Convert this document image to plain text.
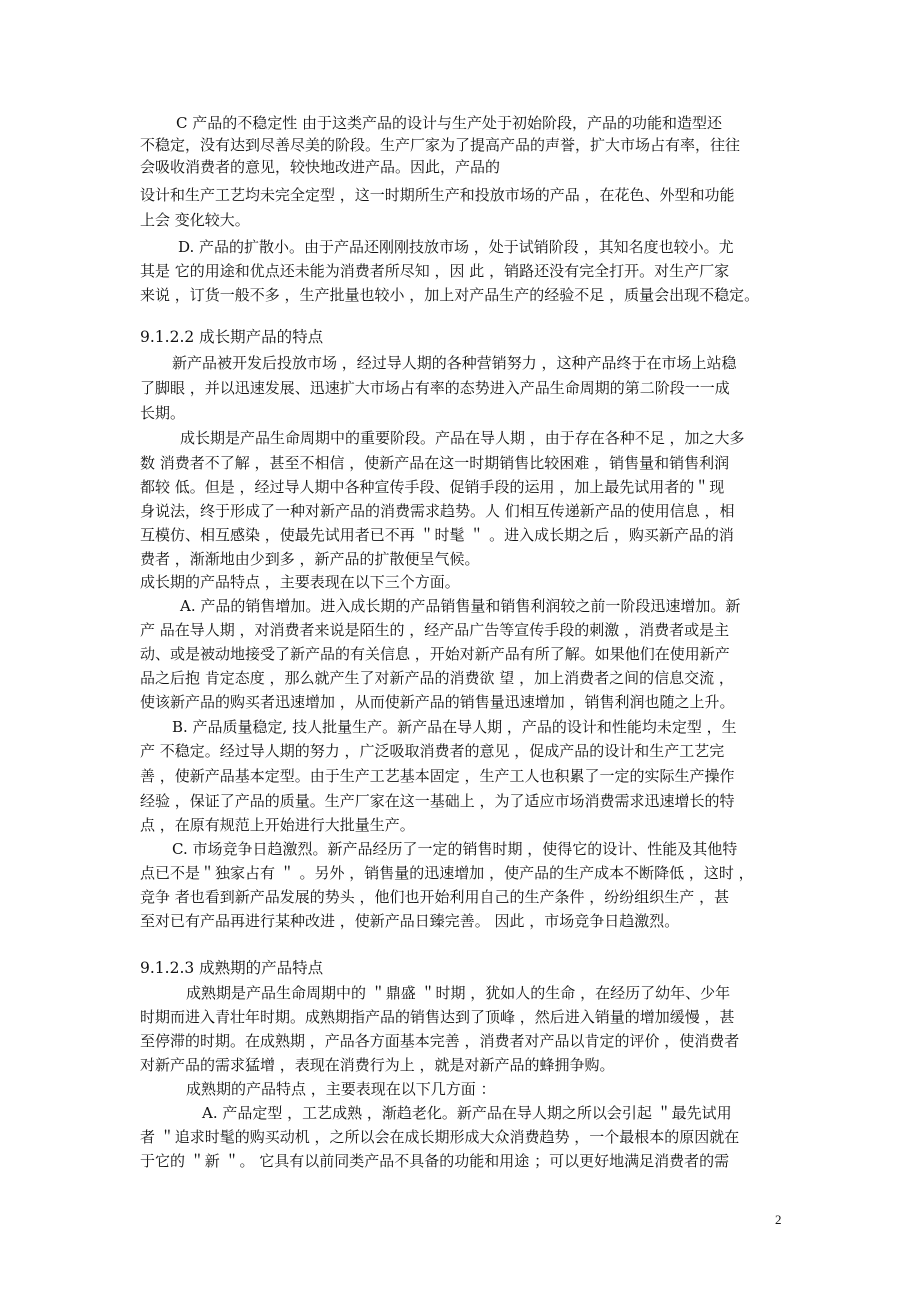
C 产品的不稳定性 由于这类产品的设计与生产处于初始阶段，产品的功能和造型还
不稳定，没有达到尽善尽美的阶段。生产厂家为了提高产品的声誉，扩大市场占有率，往往
会吸收消费者的意见，较快地改进产品。因此，产品的
设计和生产工艺均未完全定型 ，这一时期所生产和投放市场的产品 ，在花色、外型和功能
上会 变化较大。
D. 产品的扩散小。由于产品还刚刚技放市场 ，处于试销阶段 ，其知名度也较小。尤
其是 它的用途和优点还未能为消费者所尽知 ，因 此 ，销路还没有完全打开。对生产厂家
来说 ，订货一般不多 ，生产批量也较小 ，加上对产品生产的经验不足 ，质量会出现不稳定。
9.1.2.2 成长期产品的特点
新产品被开发后投放市场 ，经过导人期的各种营销努力 ，这种产品终于在市场上站稳
了脚眼 ，并以迅速发展、迅速扩大市场占有率的态势进入产品生命周期的第二阶段一一成
长期。
成长期是产品生命周期中的重要阶段。产品在导人期 ，由于存在各种不足 ，加之大多
数 消费者不了解 ，甚至不相信 ，使新产品在这一时期销售比较困难 ，销售量和销售利润
都较 低。但是 ，经过导人期中各种宣传手段、促销手段的运用 ，加上最先试用者的＂现
身说法，终于形成了一种对新产品的消费需求趋势。人 们相互传递新产品的使用信息 ，相
互模仿、相互感染 ，使最先试用者已不再 ＂时髦 ＂ 。进入成长期之后 ，购买新产品的消
费者 ，渐渐地由少到多 ，新产品的扩散便呈气候。
成长期的产品特点 ，主要表现在以下三个方面。
A. 产品的销售增加。进入成长期的产品销售量和销售利润较之前一阶段迅速增加。新
产 品在导人期 ，对消费者来说是陌生的 ，经产品广告等宣传手段的刺激 ，消费者或是主
动、或是被动地接受了新产品的有关信息 ，开始对新产品有所了解。如果他们在使用新产
品之后抱 肯定态度 ，那么就产生了对新产品的消费欲 望 ，加上消费者之间的信息交流 ，
使该新产品的购买者迅速增加 ，从而使新产品的销售量迅速增加 ，销售利润也随之上升。
B. 产品质量稳定, 技人批量生产。新产品在导人期 ，产品的设计和性能均未定型 ，生
产 不稳定。经过导人期的努力 ，广泛吸取消费者的意见 ，促成产品的设计和生产工艺完
善 ，使新产品基本定型。由于生产工艺基本固定 ，生产工人也积累了一定的实际生产操作
经验 ，保证了产品的质量。生产厂家在这一基础上 ，为了适应市场消费需求迅速增长的特
点 ，在原有规范上开始进行大批量生产。
C. 市场竞争日趋激烈。新产品经历了一定的销售时期 ，使得它的设计、性能及其他特
点已不是＂独家占有 ＂ 。另外 ，销售量的迅速增加 ，使产品的生产成本不断降低 ，这时 ，
竞争 者也看到新产品发展的势头 ，他们也开始利用自己的生产条件 ，纷纷组织生产 ，甚
至对已有产品再进行某种改进 ，使新产品日臻完善。 因此 ，市场竞争日趋激烈。
9.1.2.3 成熟期的产品特点
成熟期是产品生命周期中的 ＂鼎盛 ＂时期 ，犹如人的生命 ，在经历了幼年、少年
时期而进入青壮年时期。成熟期指产品的销售达到了顶峰 ，然后进入销量的增加缓慢 ，甚
至停滞的时期。在成熟期 ，产品各方面基本完善 ，消费者对产品以肯定的评价 ，使消费者
对新产品的需求猛增 ，表现在消费行为上 ，就是对新产品的蜂拥争购。
成熟期的产品特点 ，主要表现在以下几方面 ：
A. 产品定型 ，工艺成熟 ，渐趋老化。新产品在导人期之所以会引起 ＂最先试用
者 ＂追求时髦的购买动机 ，之所以会在成长期形成大众消费趋势 ，一个最根本的原因就在
于它的 ＂新 ＂。 它具有以前同类产品不具备的功能和用途 ；可以更好地满足消费者的需
2
